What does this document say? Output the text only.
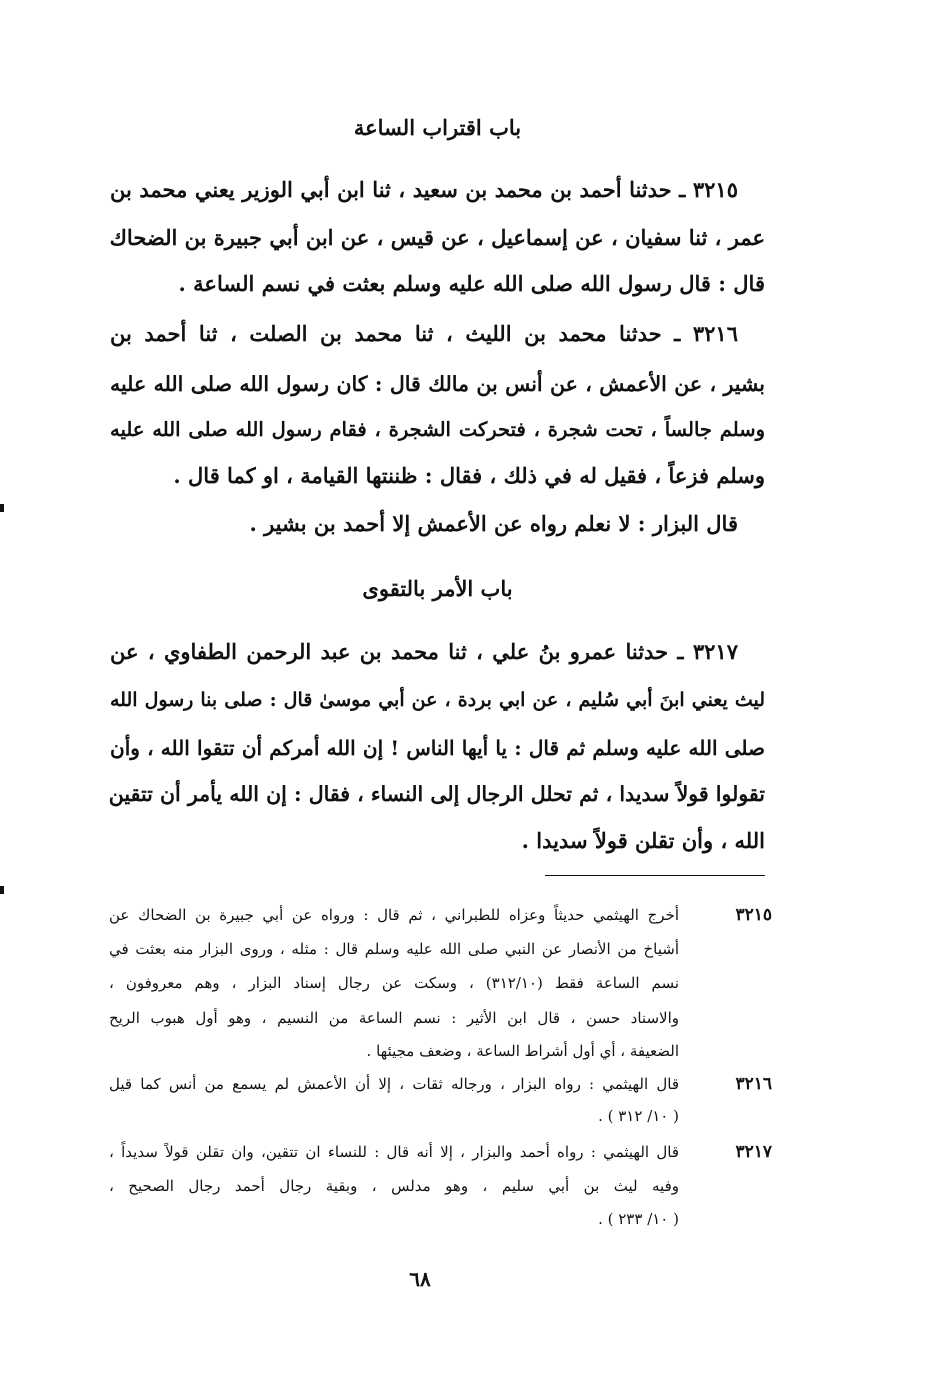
باب اقتراب الساعة
٣٢١٥ ـ حدثنا أحمد بن محمد بن سعيد ، ثنا ابن أبي الوزير يعني محمد بن
عمر ، ثنا سفيان ، عن إسماعيل ، عن قيس ، عن ابن أبي جبيرة بن الضحاك
قال : قال رسول الله صلى الله عليه وسلم بعثت في نسم الساعة .
٣٢١٦ ـ حدثنا محمد بن الليث ، ثنا محمد بن الصلت ، ثنا أحمد بن
بشير ، عن الأعمش ، عن أنس بن مالك قال : كان رسول الله صلى الله عليه
وسلم جالساً ، تحت شجرة ، فتحركت الشجرة ، فقام رسول الله صلى الله عليه
وسلم فزعاً ، فقيل له في ذلك ، فقال : ظننتها القيامة ، او كما قال .
قال البزار : لا نعلم رواه عن الأعمش إلا أحمد بن بشير .
باب الأمر بالتقوى
٣٢١٧ ـ حدثنا عمرو بنُ علي ، ثنا محمد بن عبد الرحمن الطفاوي ، عن
ليث يعني ابنَ أبي سُليم ، عن ابي بردة ، عن أبي موسىٰ قال : صلى بنا رسول الله
صلى الله عليه وسلم ثم قال : يا أيها الناس ! إن الله أمركم أن تتقوا الله ، وأن
تقولوا قولاً سديدا ، ثم تحلل الرجال إلى النساء ، فقال : إن الله يأمر أن تتقين
الله ، وأن تقلن قولاً سديدا .
٣٢١٥
أخرج الهيثمي حديثاً وعزاه للطبراني ، ثم قال : ورواه عن أبي جبيرة بن الضحاك عن
أشياخ من الأنصار عن النبي صلى الله عليه وسلم قال : مثله ، وروى البزار منه بعثت في
نسم الساعة فقط (٣١٢/١٠) ، وسكت عن رجال إسناد البزار ، وهم معروفون ،
والاسناد حسن ، قال ابن الأثير : نسم الساعة من النسيم ، وهو أول هبوب الريح
الضعيفة ، أي أول أشراط الساعة ، وضعف مجيئها .
٣٢١٦
قال الهيثمي : رواه البزار ، ورجاله ثقات ، إلا أن الأعمش لم يسمع من أنس كما قيل
( ١٠/ ٣١٢ ) .
٣٢١٧
قال الهيثمي : رواه أحمد والبزار ، إلا أنه قال : للنساء ان تتقين، وان تقلن قولاً سديداً ،
وفيه ليث بن أبي سليم ، وهو مدلس ، وبقية رجال أحمد رجال الصحيح ،
( ١٠/ ٢٣٣ ) .
٦٨
